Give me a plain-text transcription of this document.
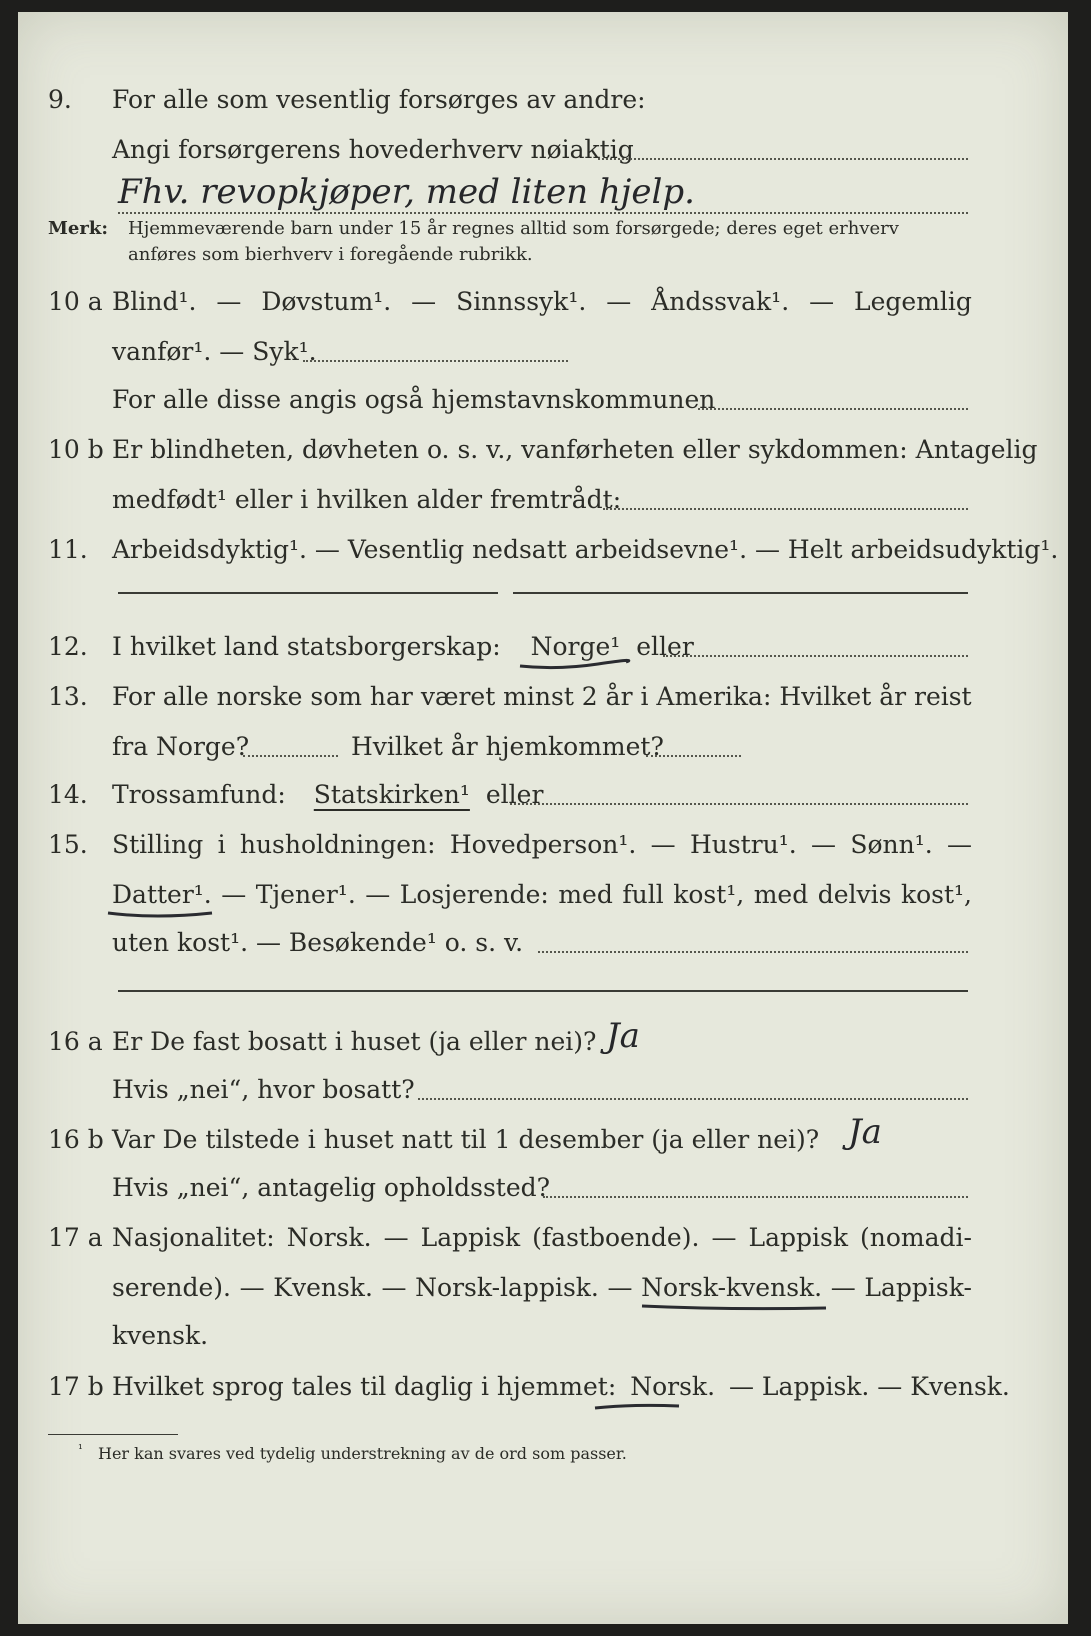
9.	For alle som vesentlig forsørges av andre:
Angi forsørgerens hovederhverv nøiaktig
Fhv. revopkjøper, med liten hjelp.
Merk: Hjemmeværende barn under 15 år regnes alltid som forsørgede; deres eget erhverv
anføres som bierhverv i foregående rubrikk.
10 a Blind¹. — Døvstum¹. — Sinnssyk¹. — Åndssvak¹. — Legemlig
vanfør¹. — Syk¹.
For alle disse angis også hjemstavnskommunen
10 b Er blindheten, døvheten o. s. v., vanførheten eller sykdommen: Antagelig
medfødt¹ eller i hvilken alder fremtrådt:
11. Arbeidsdyktig¹. — Vesentlig nedsatt arbeidsevne¹. — Helt arbeidsudyktig¹.
12. I hvilket land statsborgerskap: Norge¹ eller
13. For alle norske som har været minst 2 år i Amerika: Hvilket år reist
fra Norge?	Hvilket år hjemkommet?
14. Trossamfund: Statskirken¹ eller
15. Stilling i husholdningen: Hovedperson¹. — Hustru¹. — Sønn¹. —
Datter¹. — Tjener¹. — Losjerende: med full kost¹, med delvis kost¹,
uten kost¹. — Besøkende¹ o. s. v.
16 a Er De fast bosatt i huset (ja eller nei)? Ja
Hvis „nei“, hvor bosatt?
16 b Var De tilstede i huset natt til 1 desember (ja eller nei)? Ja
Hvis „nei“, antagelig opholdssted?
17 a Nasjonalitet: Norsk. — Lappisk (fastboende). — Lappisk (nomadi-
serende). — Kvensk. — Norsk-lappisk. — Norsk-kvensk. — Lappisk-
kvensk.
17 b Hvilket sprog tales til daglig i hjemmet: Norsk. — Lappisk. — Kvensk.
¹ Her kan svares ved tydelig understrekning av de ord som passer.
